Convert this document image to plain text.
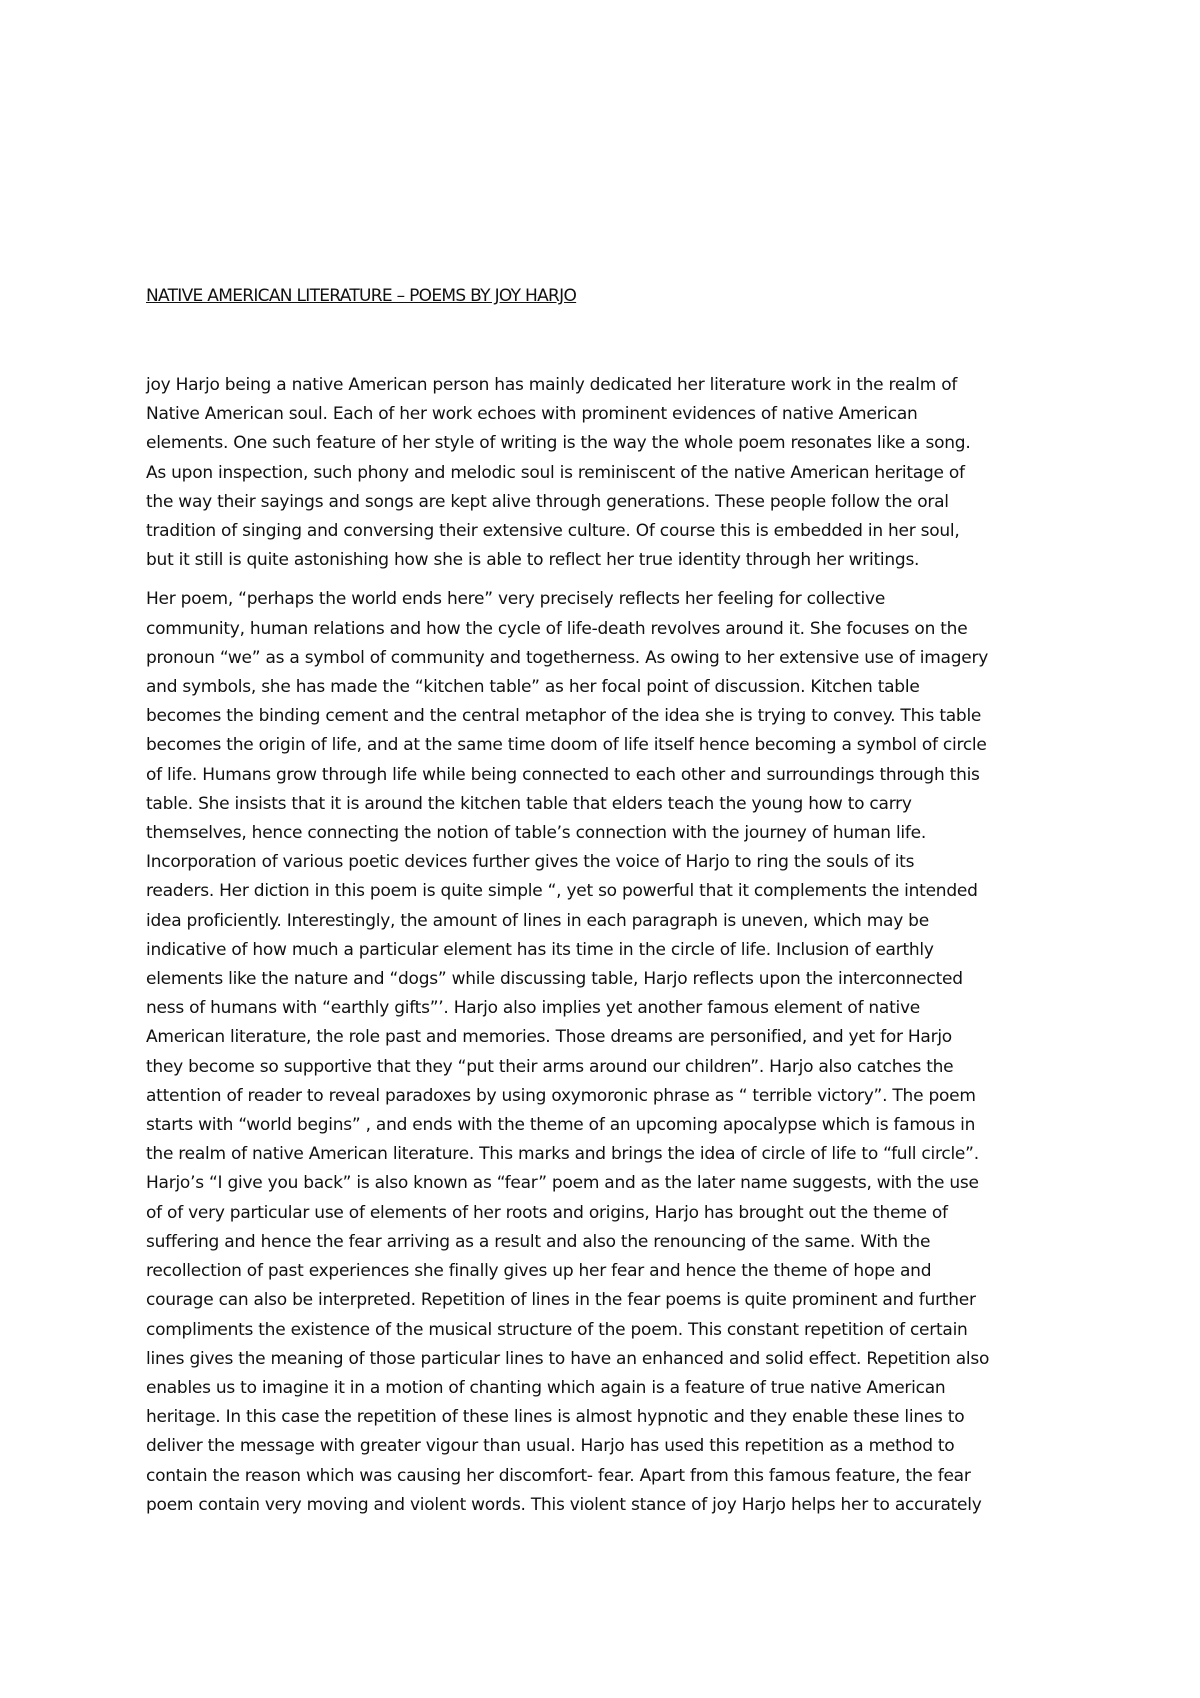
NATIVE AMERICAN LITERATURE – POEMS BY JOY HARJO
joy Harjo being a native American person has mainly dedicated her literature work in the realm of
Native American soul. Each of her work echoes with prominent evidences of native American
elements. One such feature of her style of writing is the way the whole poem resonates like a song.
As upon inspection, such phony and melodic soul is reminiscent of the native American heritage of
the way their sayings and songs are kept alive through generations. These people follow the oral
tradition of singing and conversing their extensive culture. Of course this is embedded in her soul,
but it still is quite astonishing how she is able to reflect her true identity through her writings.
Her poem, “perhaps the world ends here” very precisely reflects her feeling for collective
community, human relations and how the cycle of life-death revolves around it. She focuses on the
pronoun “we” as a symbol of community and togetherness. As owing to her extensive use of imagery
and symbols, she has made the “kitchen table” as her focal point of discussion. Kitchen table
becomes the binding cement and the central metaphor of the idea she is trying to convey. This table
becomes the origin of life, and at the same time doom of life itself hence becoming a symbol of circle
of life. Humans grow through life while being connected to each other and surroundings through this
table. She insists that it is around the kitchen table that elders teach the young how to carry
themselves, hence connecting the notion of table’s connection with the journey of human life.
Incorporation of various poetic devices further gives the voice of Harjo to ring the souls of its
readers. Her diction in this poem is quite simple “, yet so powerful that it complements the intended
idea proficiently. Interestingly, the amount of lines in each paragraph is uneven, which may be
indicative of how much a particular element has its time in the circle of life. Inclusion of earthly
elements like the nature and “dogs” while discussing table, Harjo reflects upon the interconnected
ness of humans with “earthly gifts”’. Harjo also implies yet another famous element of native
American literature, the role past and memories. Those dreams are personified, and yet for Harjo
they become so supportive that they “put their arms around our children”. Harjo also catches the
attention of reader to reveal paradoxes by using oxymoronic phrase as “ terrible victory”. The poem
starts with “world begins” , and ends with the theme of an upcoming apocalypse which is famous in
the realm of native American literature. This marks and brings the idea of circle of life to “full circle”.
Harjo’s “I give you back” is also known as “fear” poem and as the later name suggests, with the use
of of very particular use of elements of her roots and origins, Harjo has brought out the theme of
suffering and hence the fear arriving as a result and also the renouncing of the same. With the
recollection of past experiences she finally gives up her fear and hence the theme of hope and
courage can also be interpreted. Repetition of lines in the fear poems is quite prominent and further
compliments the existence of the musical structure of the poem. This constant repetition of certain
lines gives the meaning of those particular lines to have an enhanced and solid effect. Repetition also
enables us to imagine it in a motion of chanting which again is a feature of true native American
heritage. In this case the repetition of these lines is almost hypnotic and they enable these lines to
deliver the message with greater vigour than usual. Harjo has used this repetition as a method to
contain the reason which was causing her discomfort- fear. Apart from this famous feature, the fear
poem contain very moving and violent words. This violent stance of joy Harjo helps her to accurately
